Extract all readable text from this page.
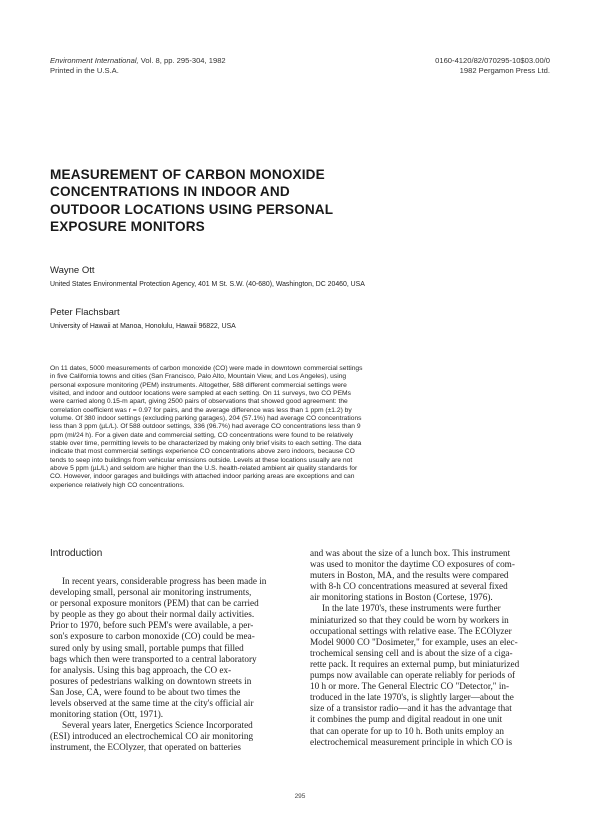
Environment International, Vol. 8, pp. 295-304, 1982
Printed in the U.S.A.
0160-4120/82/070295-10$03.00/0
1982 Pergamon Press Ltd.
MEASUREMENT OF CARBON MONOXIDE
CONCENTRATIONS IN INDOOR AND
OUTDOOR LOCATIONS USING PERSONAL
EXPOSURE MONITORS
Wayne Ott
United States Environmental Protection Agency, 401 M St. S.W. (40-680), Washington, DC 20460, USA
Peter Flachsbart
University of Hawaii at Manoa, Honolulu, Hawaii 96822, USA
On 11 dates, 5000 measurements of carbon monoxide (CO) were made in downtown commercial settings
in five California towns and cities (San Francisco, Palo Alto, Mountain View, and Los Angeles), using
personal exposure monitoring (PEM) instruments. Altogether, 588 different commercial settings were
visited, and indoor and outdoor locations were sampled at each setting. On 11 surveys, two CO PEMs
were carried along 0.15-m apart, giving 2500 pairs of observations that showed good agreement: the
correlation coefficient was r = 0.97 for pairs, and the average difference was less than 1 ppm (±1.2) by
volume. Of 380 indoor settings (excluding parking garages), 204 (57.1%) had average CO concentrations
less than 3 ppm (µL/L). Of 588 outdoor settings, 336 (96.7%) had average CO concentrations less than 9
ppm (ml/24 h). For a given date and commercial setting, CO concentrations were found to be relatively
stable over time, permitting levels to be characterized by making only brief visits to each setting. The data
indicate that most commercial settings experience CO concentrations above zero indoors, because CO
tends to seep into buildings from vehicular emissions outside. Levels at these locations usually are not
above 5 ppm (µL/L) and seldom are higher than the U.S. health-related ambient air quality standards for
CO. However, indoor garages and buildings with attached indoor parking areas are exceptions and can
experience relatively high CO concentrations.
Introduction
In recent years, considerable progress has been made in
developing small, personal air monitoring instruments,
or personal exposure monitors (PEM) that can be carried
by people as they go about their normal daily activities.
Prior to 1970, before such PEM's were available, a per-
son's exposure to carbon monoxide (CO) could be mea-
sured only by using small, portable pumps that filled
bags which then were transported to a central laboratory
for analysis. Using this bag approach, the CO ex-
posures of pedestrians walking on downtown streets in
San Jose, CA, were found to be about two times the
levels observed at the same time at the city's official air
monitoring station (Ott, 1971).
Several years later, Energetics Science Incorporated
(ESI) introduced an electrochemical CO air monitoring
instrument, the ECOlyzer, that operated on batteries
and was about the size of a lunch box. This instrument
was used to monitor the daytime CO exposures of com-
muters in Boston, MA, and the results were compared
with 8-h CO concentrations measured at several fixed
air monitoring stations in Boston (Cortese, 1976).
In the late 1970's, these instruments were further
miniaturized so that they could be worn by workers in
occupational settings with relative ease. The ECOlyzer
Model 9000 CO "Dosimeter," for example, uses an elec-
trochemical sensing cell and is about the size of a ciga-
rette pack. It requires an external pump, but miniaturized
pumps now available can operate reliably for periods of
10 h or more. The General Electric CO "Detector," in-
troduced in the late 1970's, is slightly larger—about the
size of a transistor radio—and it has the advantage that
it combines the pump and digital readout in one unit
that can operate for up to 10 h. Both units employ an
electrochemical measurement principle in which CO is
295
